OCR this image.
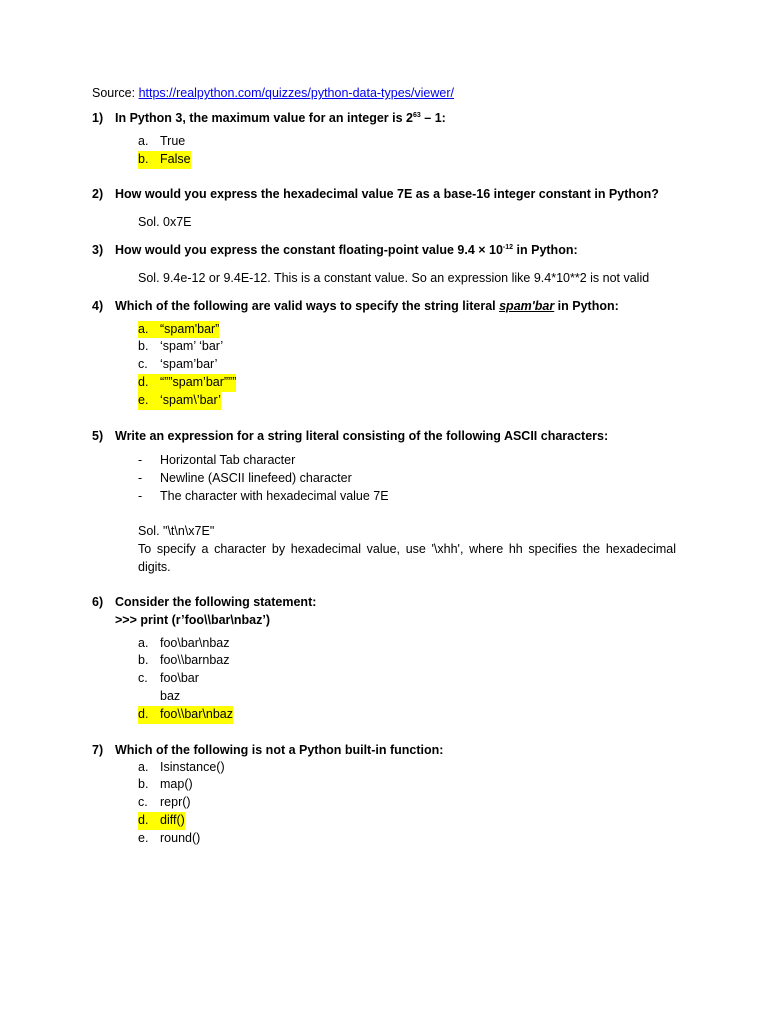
Source: https://realpython.com/quizzes/python-data-types/viewer/
1) In Python 3, the maximum value for an integer is $2^{63} - 1$:
a. True
b. False
2) How would you express the hexadecimal value 7E as a base-16 integer constant in Python?
Sol. 0x7E
3) How would you express the constant floating-point value $9.4 \times 10^{-12}$ in Python:
Sol. 9.4e-12 or 9.4E-12. This is a constant value. So an expression like 9.4*10**2 is not valid
4) Which of the following are valid ways to specify the string literal spam'bar in Python:
a. “spam'bar”
b. ‘spam’ ‘bar’
c. ‘spam’bar’
d. “””spam’bar”””
e. ‘spam\’bar’
5) Write an expression for a string literal consisting of the following ASCII characters:
-	Horizontal Tab character
-	Newline (ASCII linefeed) character
-	The character with hexadecimal value 7E
Sol. "\t\n\x7E"
To specify a character by hexadecimal value, use '\xhh', where hh specifies the hexadecimal digits.
6) Consider the following statement:
>>> print (r’foo\\bar\nbaz’)
a. foo\bar\nbaz
b. foo\\barnbaz
c. foo\bar
baz
d. foo\\bar\nbaz
7) Which of the following is not a Python built-in function:
a. Isinstance()
b. map()
c. repr()
d. diff()
e. round()
